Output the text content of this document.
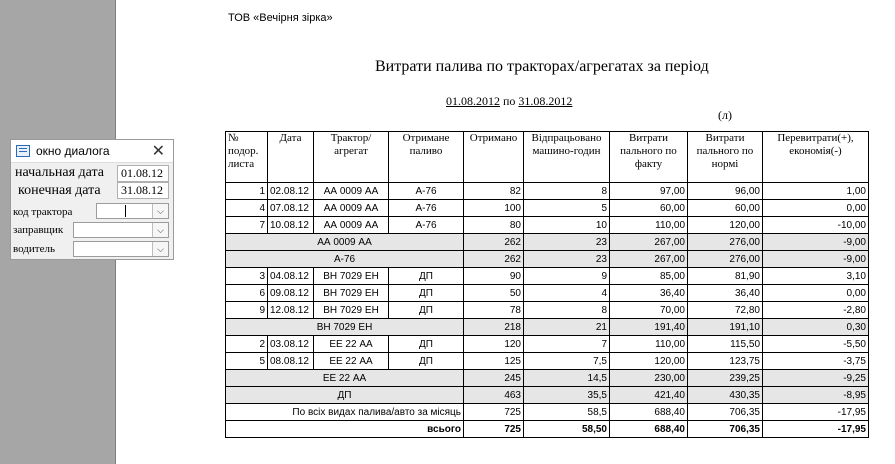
ТОВ «Вечірня зірка»
Витрати палива по тракторах/агрегатах за період
01.08.2012 по 31.08.2012
(л)
№ подор. листа	Дата	Трактор/ агрегат	Отримане паливо	Отримано	Відпрацьовано машино-годин	Витрати пального по факту	Витрати пального по нормі	Перевитрати(+), економія(-)
1	02.08.12	АА 0009 АА	А-76	82	8	97,00	96,00	1,00
4	07.08.12	АА 0009 АА	А-76	100	5	60,00	60,00	0,00
7	10.08.12	АА 0009 АА	А-76	80	10	110,00	120,00	-10,00
АА 0009 АА				262	23	267,00	276,00	-9,00
А-76				262	23	267,00	276,00	-9,00
3	04.08.12	ВН 7029 ЕН	ДП	90	9	85,00	81,90	3,10
6	09.08.12	ВН 7029 ЕН	ДП	50	4	36,40	36,40	0,00
9	12.08.12	ВН 7029 ЕН	ДП	78	8	70,00	72,80	-2,80
ВН 7029 ЕН				218	21	191,40	191,10	0,30
2	03.08.12	ЕЕ 22 АА	ДП	120	7	110,00	115,50	-5,50
5	08.08.12	ЕЕ 22 АА	ДП	125	7,5	120,00	123,75	-3,75
ЕЕ 22 АА				245	14,5	230,00	239,25	-9,25
ДП				463	35,5	421,40	430,35	-8,95
По всіх видах палива/авто за місяць				725	58,5	688,40	706,35	-17,95
всього				725	58,50	688,40	706,35	-17,95
окно диалога	✕
начальная дата	01.08.12
конечная дата	31.08.12
код трактора	⌵
заправщик	⌵
водитель	⌵
